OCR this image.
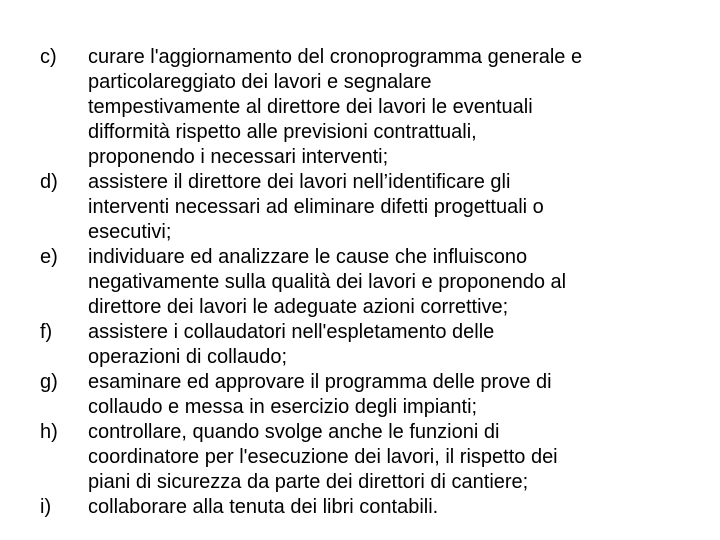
c)	curare l'aggiornamento del cronoprogramma generale e
particolareggiato dei lavori e segnalare
tempestivamente al direttore dei lavori le eventuali
difformità rispetto alle previsioni contrattuali,
proponendo i necessari interventi;
d)	assistere il direttore dei lavori nell’identificare gli
interventi necessari ad eliminare difetti progettuali o
esecutivi;
e)	individuare ed analizzare le cause che influiscono
negativamente sulla qualità dei lavori e proponendo al
direttore dei lavori le adeguate azioni correttive;
f)	assistere i collaudatori nell'espletamento delle
operazioni di collaudo;
g)	esaminare ed approvare il programma delle prove di
collaudo e messa in esercizio degli impianti;
h)	controllare, quando svolge anche le funzioni di
coordinatore per l'esecuzione dei lavori, il rispetto dei
piani di sicurezza da parte dei direttori di cantiere;
i)	collaborare alla tenuta dei libri contabili.
